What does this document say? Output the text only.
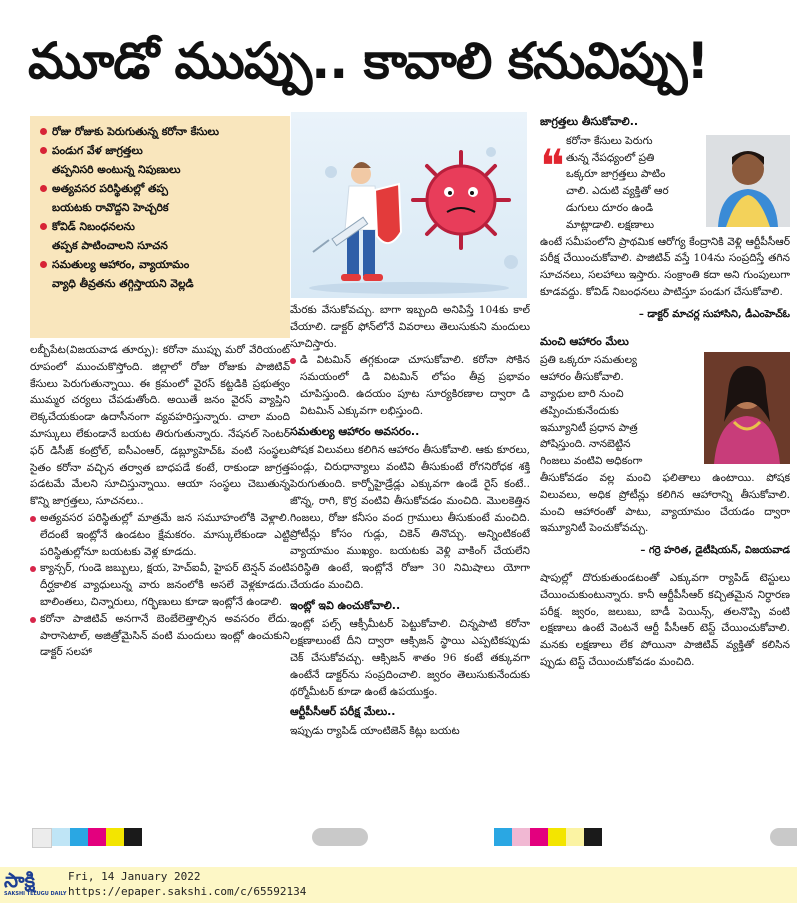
మూడో ముప్పు.. కావాలి కనువిప్పు!
రోజు రోజుకు పెరుగుతున్న కరోనా కేసులు
పండుగ వేళ జాగ్రత్తలు
తప్పనిసరి అంటున్న నిపుణులు
అత్యవసర పరిస్థితుల్లో తప్ప
బయటకు రావొద్దని హెచ్చరిక
కోవిడ్ నిబంధనలను
తప్పక పాటించాలని సూచన
సమతుల్య ఆహారం, వ్యాయామం
వ్యాధి తీవ్రతను తగ్గిస్తాయని వెల్లడి

లబ్బీపేట(విజయవాడ తూర్పు): కరోనా ముప్పు మరో వేరియంట్ రూపంలో ముంచుకొస్తోంది. జిల్లాలో రోజు రోజుకు పాజిటివ్ కేసులు పెరుగుతున్నాయి. ఈ క్రమంలో వైరస్ కట్టడికి ప్రభుత్వం ముమ్మర చర్యలు చేపడుతోంది. అయితే జనం వైరస్ వ్యాప్తిని లెక్కచేయకుండా ఉదాసీనంగా వ్యవహరిస్తున్నారు. చాలా మంది మాస్కులు లేకుండానే బయట తిరుగుతున్నారు. నేషనల్ సెంటర్ ఫర్ డిసీజ్ కంట్రోల్, ఐసీఎంఆర్, డబ్ల్యూహెచ్ఓ వంటి సంస్థలు సైతం కరోనా వచ్చిన తర్వాత బాధపడే కంటే, రాకుండా జాగ్రత్త పడటమే మేలని సూచిస్తున్నాయి. ఆయా సంస్థలు చెబుతున్న కొన్ని జాగ్రత్తలు, సూచనలు..

అత్యవసర పరిస్థితుల్లో మాత్రమే జన సమూహంలోకి వెళ్లాలి. లేదంటే ఇంట్లోనే ఉండటం క్షేమకరం. మాస్కులేకుండా ఎట్టి పరిస్థితుల్లోనూ బయటకు వెళ్ల కూడదు.

క్యాన్సర్, గుండె జబ్బులు, క్షయ, హెచ్ఐవీ, హైపర్ టెన్షన్ వంటి దీర్ఘకాలిక వ్యాధులున్న వారు జనంలోకి అసలే వెళ్లకూడదు. బాలింతలు, చిన్నారులు, గర్భిణులు కూడా ఇంట్లోనే ఉండాలి.

కరోనా పాజిటివ్ అనగానే బెంబేలెత్తాల్సిన అవసరం లేదు. పారాసెటాల్, అజిత్రోమైసిన్ వంటి మందులు ఇంట్లో ఉంచుకుని డాక్టర్ సలహా

మేరకు వేసుకోవచ్చు. బాగా ఇబ్బంది అనిపిస్తే 104కు కాల్ చేయాలి. డాక్టర్ ఫోన్‌లోనే వివరాలు తెలుసుకుని మందులు సూచిస్తారు.

డి విటమిన్ తగ్గకుండా చూసుకోవాలి. కరోనా సోకిన సమయంలో డి విటమిన్ లోపం తీవ్ర ప్రభావం చూపిస్తుంది. ఉదయం పూట సూర్యకిరణాల ద్వారా డి విటమిన్ ఎక్కువగా లభిస్తుంది.

సమతుల్య ఆహారం అవసరం..

పోషక విలువలు కలిగిన ఆహారం తీసుకోవాలి. ఆకు కూరలు, పండ్లు, చిరుధాన్యాలు వంటివి తీసుకుంటే రోగనిరోధక శక్తి పెరుగుతుంది. కార్బోహైడ్రేడ్లు ఎక్కువగా ఉండే రైస్ కంటే.. జొన్న, రాగి, కొర్ర వంటివి తీసుకోవడం మంచిది. మొలకెత్తిన గింజలు, రోజు కనీసం వంద గ్రాములు తీసుకుంటే మంచిది. ప్రోటీన్లు కోసం గుడ్లు, చికెన్ తినొచ్చు. అన్నింటికంటే వ్యాయామం ముఖ్యం. బయటకు వెళ్లి వాకింగ్ చేయలేని పరిస్థితి ఉంటే, ఇంట్లోనే రోజూ 30 నిమిషాలు యోగా చేయడం మంచిది.

ఇంట్లో ఇవి ఉంచుకోవాలి..

ఇంట్లో పల్స్ ఆక్సీమీటర్ పెట్టుకోవాలి. చిన్నపాటి కరోనా లక్షణాలుంటే దీని ద్వారా ఆక్సిజన్ స్థాయి ఎప్పటికప్పుడు చెక్ చేసుకోవచ్చు. ఆక్సిజన్ శాతం 96 కంటే తక్కువగా ఉంటేనే డాక్టర్‌ను సంప్రదించాలి. జ్వరం తెలుసుకునేందుకు థర్మోమీటర్ కూడా ఉంటే ఉపయుక్తం.

ఆర్టీపీసీఆర్ పరీక్ష మేలు..

ఇప్పుడు ర్యాపిడ్ యాంటిజెన్ కిట్లు బయట

జాగ్రత్తలు తీసుకోవాలి..

కరోనా కేసులు పెరుగు

తున్న నేపధ్యంలో ప్రతి

ఒక్కరూ జాగ్రత్తలు పాటిం

చాలి. ఎదుటి వ్యక్తితో ఆర

డుగులు దూరం ఉండి

మాట్లాడాలి. లక్షణాలు

ఉంటే సమీపంలోని ప్రాథమిక ఆరోగ్య కేంద్రానికి వెళ్లి ఆర్టీపీసీఆర్ పరీక్ష చేయించుకోవాలి. పాజిటివ్ వస్తే 104ను సంప్రదిస్తే తగిన సూచనలు, సలహాలు ఇస్తారు. సంక్రాంతి కదా అని గుంపులుగా కూడవద్దు. కోవిడ్ నిబంధనలు పాటిస్తూ పండుగ చేసుకోవాలి.

– డాక్టర్ మాచర్ల సుహాసిని, డీఎంహెచ్ఓ

మంచి ఆహారం మేలు

ప్రతి ఒక్కరూ సమతుల్య

ఆహారం తీసుకోవాలి.

వ్యాధుల బారి నుంచి

తప్పించుకునేందుకు

ఇమ్యూనిటీ ప్రధాన పాత్ర

పోషిస్తుంది. నానబెట్టిన

గింజలు వంటివి అధికంగా

తీసుకోవడం వల్ల మంచి ఫలితాలు ఉంటాయి. పోషక విలువలు, అధిక ప్రోటీన్లు కలిగిన ఆహారాన్ని తీసుకోవాలి. మంచి ఆహారంతో పాటు, వ్యాయామం చేయడం ద్వారా ఇమ్యూనిటీ పెంచుకోవచ్చు.

– గర్రె హరిత, డైటీషియన్, విజయవాడ

షాపుల్లో దొరుకుతుండటంతో ఎక్కువగా ర్యాపిడ్ టెస్టులు చేయించుకుంటున్నారు. కానీ ఆర్టీపీసీఆర్ కచ్చితమైన నిర్ధారణ పరీక్ష. జ్వరం, జలుబు, బాడీ పెయిన్స్, తలనొప్పి వంటి లక్షణాలు ఉంటే వెంటనే ఆర్టీ పీసీఆర్ టెస్ట్ చేయించుకోవాలి. మనకు లక్షణాలు లేక పోయినా పాజిటివ్ వ్యక్తితో కలిసిన ప్పుడు టెస్ట్ చేయించుకోవడం మంచిది.

❝
సాక్షి
SAKSHI TELUGU DAILY
Fri, 14 January 2022
https://epaper.sakshi.com/c/65592134
